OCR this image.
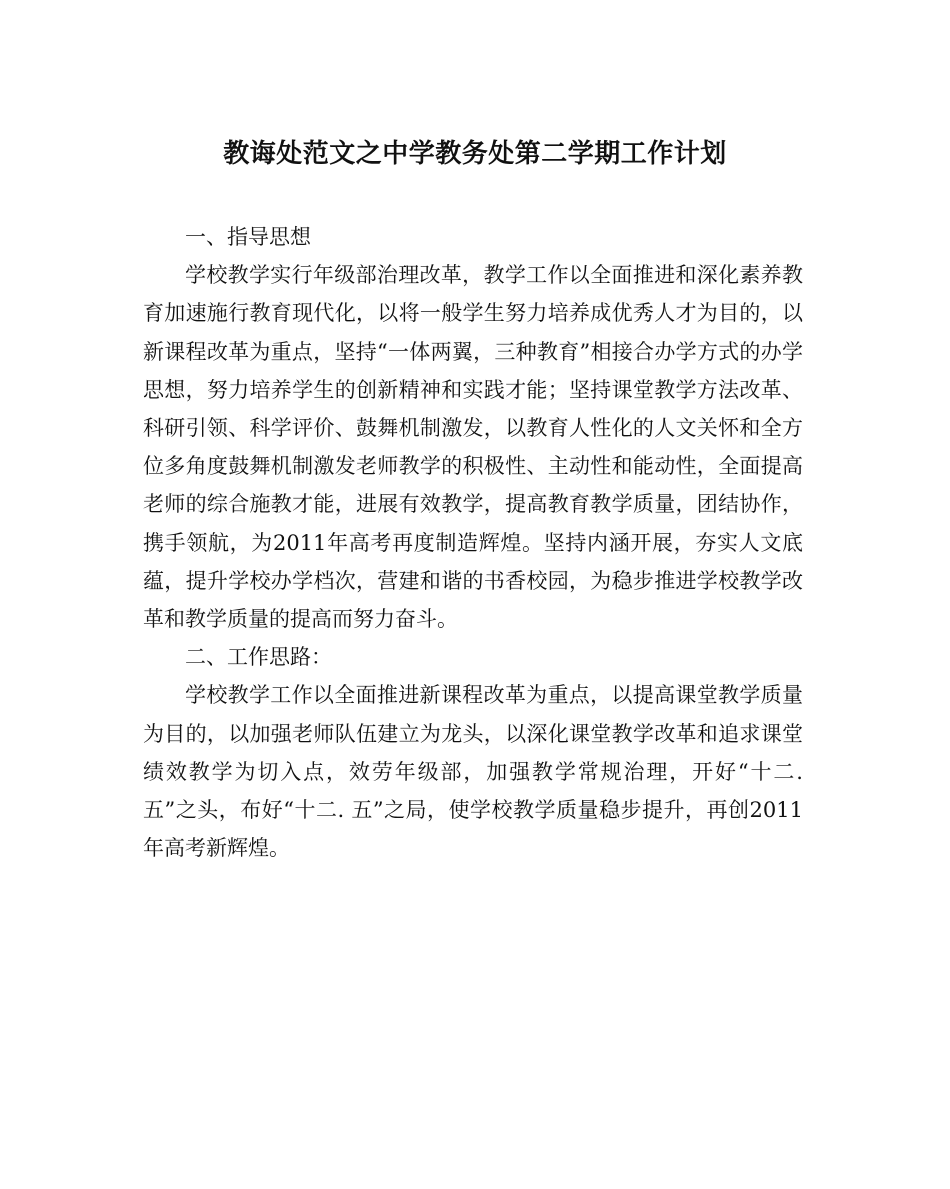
教诲处范文之中学教务处第二学期工作计划

一、指导思想

学校教学实行年级部治理改革，教学工作以全面推进和深化素养教育加速施行教育现代化，以将一般学生努力培养成优秀人才为目的，以新课程改革为重点，坚持“一体两翼，三种教育”相接合办学方式的办学思想，努力培养学生的创新精神和实践才能；坚持课堂教学方法改革、科研引领、科学评价、鼓舞机制激发，以教育人性化的人文关怀和全方位多角度鼓舞机制激发老师教学的积极性、主动性和能动性，全面提高老师的综合施教才能，进展有效教学，提高教育教学质量，团结协作，携手领航，为2011年高考再度制造辉煌。坚持内涵开展，夯实人文底蕴，提升学校办学档次，营建和谐的书香校园，为稳步推进学校教学改革和教学质量的提高而努力奋斗。

二、工作思路：

学校教学工作以全面推进新课程改革为重点，以提高课堂教学质量为目的，以加强老师队伍建立为龙头，以深化课堂教学改革和追求课堂绩效教学为切入点，效劳年级部，加强教学常规治理，开好“十二. 五”之头，布好“十二. 五”之局，使学校教学质量稳步提升，再创2011年高考新辉煌。
